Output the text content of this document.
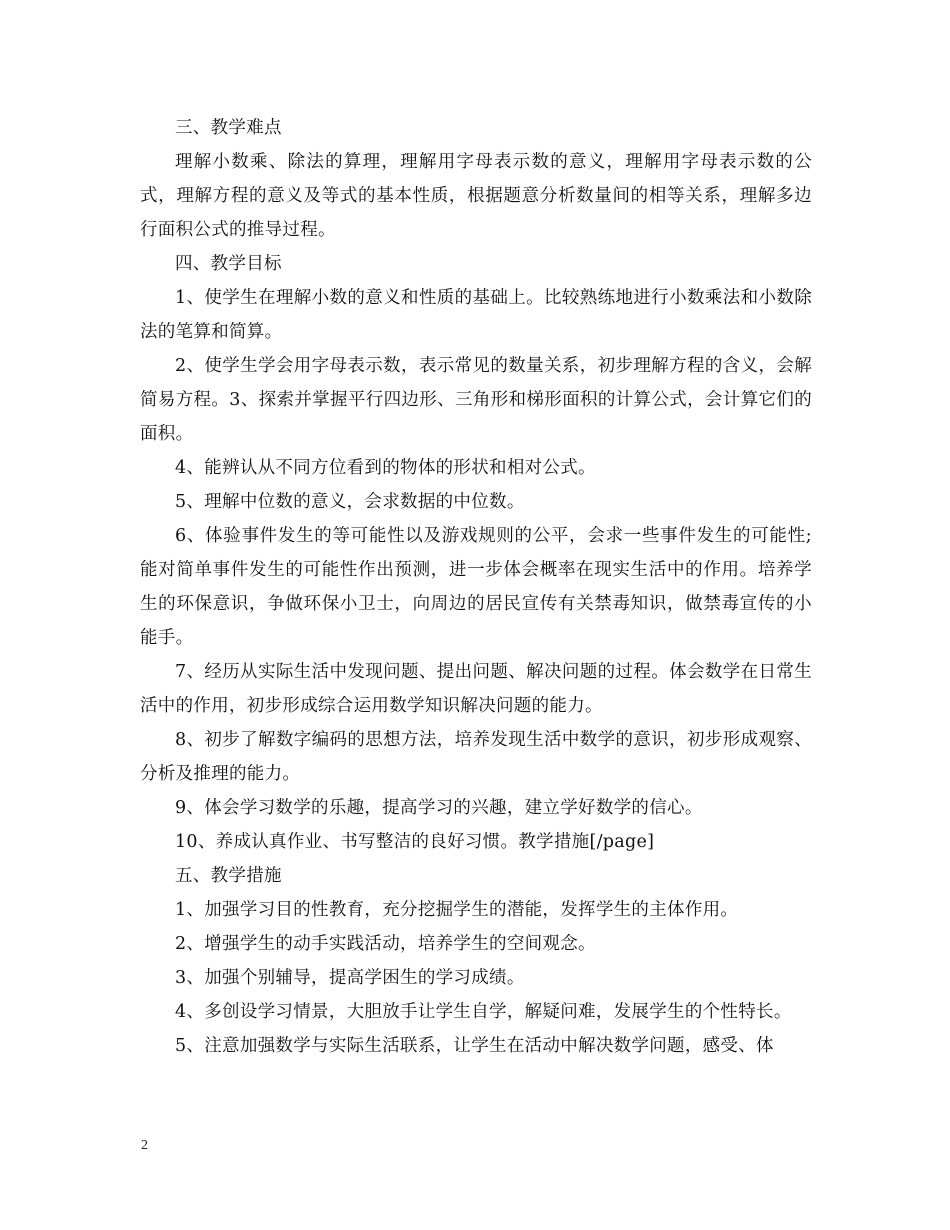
三、教学难点

理解小数乘、除法的算理，理解用字母表示数的意义，理解用字母表示数的公式，理解方程的意义及等式的基本性质，根据题意分析数量间的相等关系，理解多边行面积公式的推导过程。

四、教学目标

1、使学生在理解小数的意义和性质的基础上。比较熟练地进行小数乘法和小数除法的笔算和简算。

2、使学生学会用字母表示数，表示常见的数量关系，初步理解方程的含义，会解简易方程。3、探索并掌握平行四边形、三角形和梯形面积的计算公式，会计算它们的面积。

4、能辨认从不同方位看到的物体的形状和相对公式。

5、理解中位数的意义，会求数据的中位数。

6、体验事件发生的等可能性以及游戏规则的公平，会求一些事件发生的可能性;能对简单事件发生的可能性作出预测，进一步体会概率在现实生活中的作用。培养学生的环保意识，争做环保小卫士，向周边的居民宣传有关禁毒知识，做禁毒宣传的小能手。

7、经历从实际生活中发现问题、提出问题、解决问题的过程。体会数学在日常生活中的作用，初步形成综合运用数学知识解决问题的能力。

8、初步了解数字编码的思想方法，培养发现生活中数学的意识，初步形成观察、分析及推理的能力。

9、体会学习数学的乐趣，提高学习的兴趣，建立学好数学的信心。

10、养成认真作业、书写整洁的良好习惯。教学措施[/page]

五、教学措施

1、加强学习目的性教育，充分挖掘学生的潜能，发挥学生的主体作用。

2、增强学生的动手实践活动，培养学生的空间观念。

3、加强个别辅导，提高学困生的学习成绩。

4、多创设学习情景，大胆放手让学生自学，解疑问难，发展学生的个性特长。

5、注意加强数学与实际生活联系，让学生在活动中解决数学问题，感受、体

2
